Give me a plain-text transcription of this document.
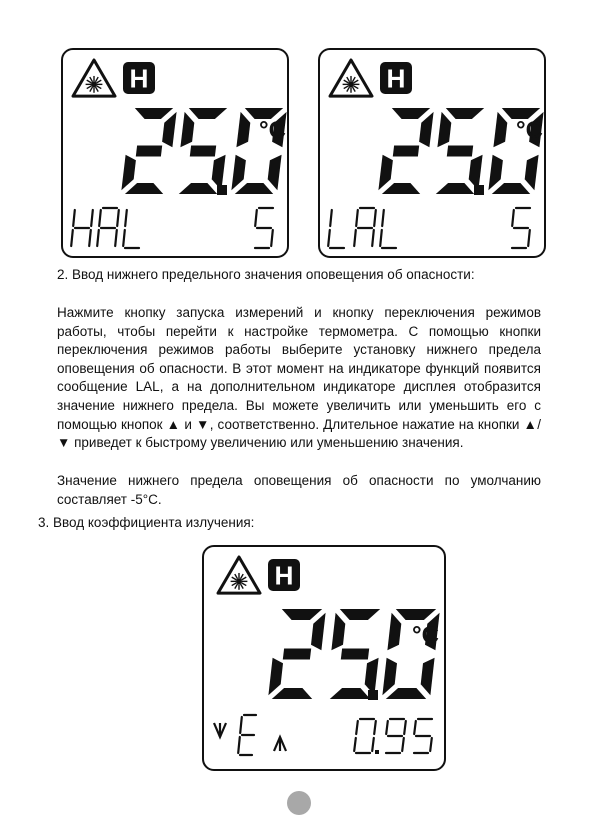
H
°C
H
°C

2. Ввод нижнего предельного значения оповещения об опасности:

Нажмите кнопку запуска измерений и кнопку переключения режимов работы, чтобы перейти к настройке термометра. С помощью кнопки переключения режимов работы выберите установку нижнего предела оповещения об опасности. В этот момент на индикаторе функций появится сообщение LAL, а на дополнительном индикаторе дисплея отобразится значение нижнего предела. Вы можете увеличить или уменьшить его с помощью кнопок ▲ и ▼, соответственно. Длительное нажатие на кнопки ▲/▼ приведет к быстрому увеличению или уменьшению значения.

Значение нижнего предела оповещения об опасности по умолчанию составляет -5°C.

3. Ввод коэффициента излучения:

H
°C
